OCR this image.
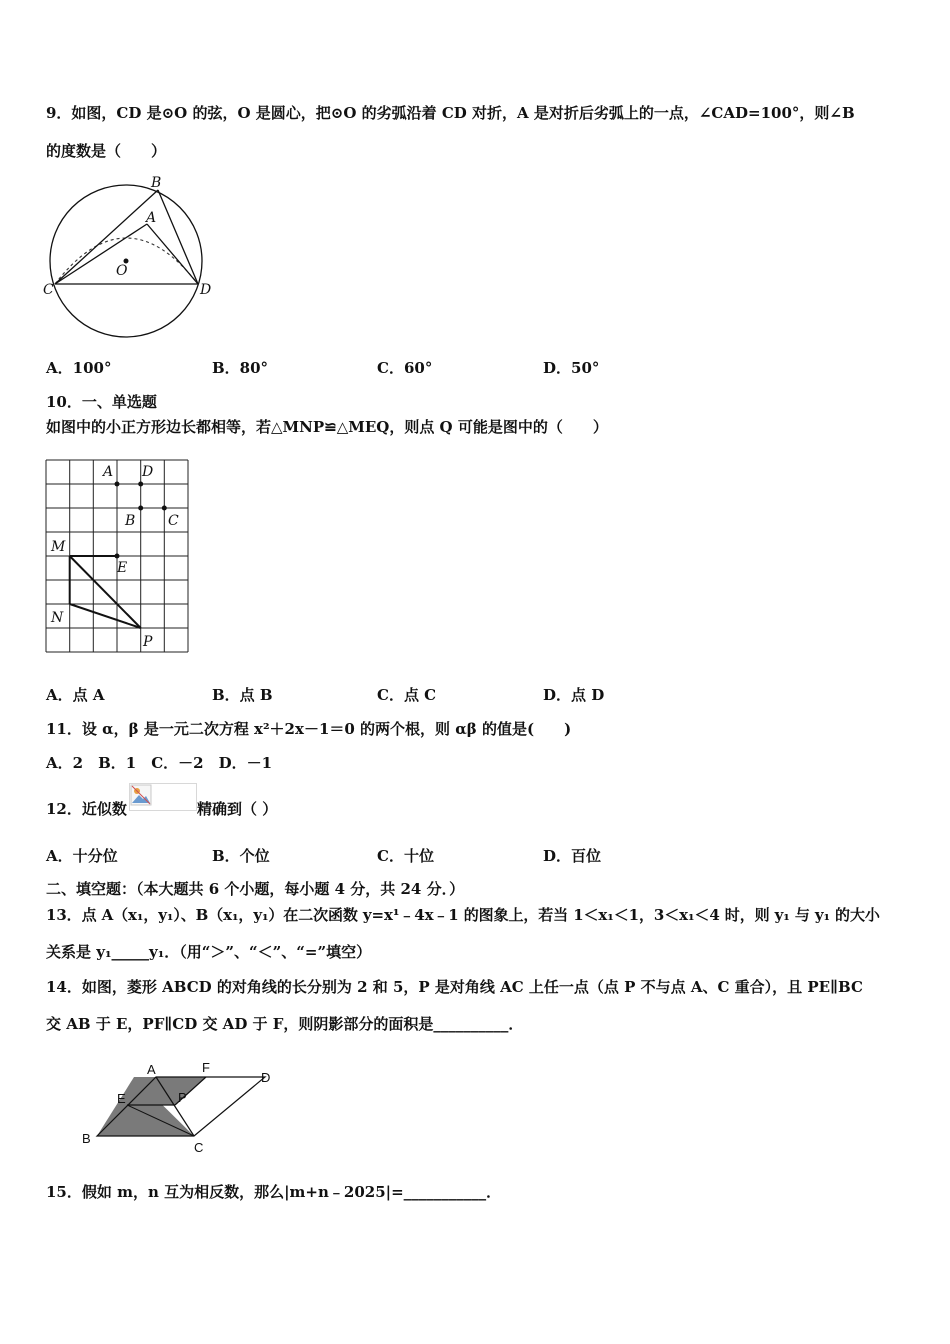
9．如图，CD 是⊙O 的弦，O 是圆心，把⊙O 的劣弧沿着 CD 对折，A 是对折后劣弧上的一点，∠CAD=100°，则∠B
的度数是（　　）
B
A
O
C	D
A．100°	B．80°	C．60°	D．50°
10．一、单选题
如图中的小正方形边长都相等，若△MNP≌△MEQ，则点 Q 可能是图中的（　　）
A D
B C
M
E
N
P
A．点 A	B．点 B	C．点 C	D．点 D
11．设 α，β 是一元二次方程 x²＋2x－1＝0 的两个根，则 αβ 的值是(　　)
A．2　B．1　C．－2　D．－1
12．近似数	精确到（ ）
A．十分位	B．个位	C．十位	D．百位
二、填空题：（本大题共 6 个小题，每小题 4 分，共 24 分．）
13．点 A（x₁，y₁）、B（x₁，y₁）在二次函数 y=x¹﹣4x﹣1 的图象上，若当 1＜x₁＜1，3＜x₁＜4 时，则 y₁ 与 y₁ 的大小
关系是 y₁_____y₁．（用“＞”、“＜”、“=”填空）
14．如图，菱形 ABCD 的对角线的长分别为 2 和 5，P 是对角线 AC 上任一点（点 P 不与点 A、C 重合），且 PE∥BC
交 AB 于 E，PF∥CD 交 AD 于 F，则阴影部分的面积是__________．
A	F
D
E	P
B
C
15．假如 m，n 互为相反数，那么|m+n﹣2025|=___________．
